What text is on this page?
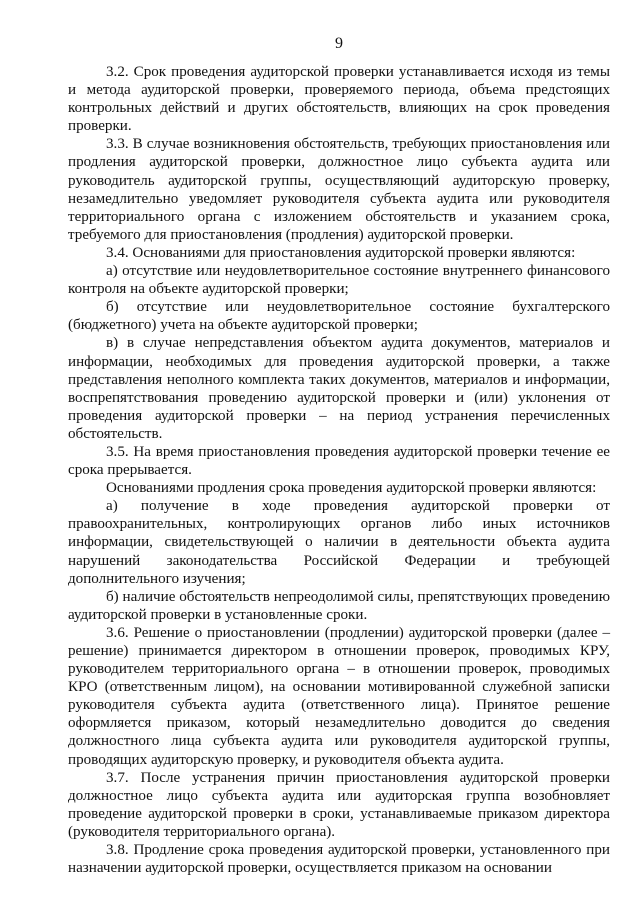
9

3.2. Срок проведения аудиторской проверки устанавливается исходя из темы и метода аудиторской проверки, проверяемого периода, объема предстоящих контрольных действий и других обстоятельств, влияющих на срок проведения проверки.

3.3. В случае возникновения обстоятельств, требующих приостановления или продления аудиторской проверки, должностное лицо субъекта аудита или руководитель аудиторской группы, осуществляющий аудиторскую проверку, незамедлительно уведомляет руководителя субъекта аудита или руководителя территориального органа с изложением обстоятельств и указанием срока, требуемого для приостановления (продления) аудиторской проверки.

3.4. Основаниями для приостановления аудиторской проверки являются:

а) отсутствие или неудовлетворительное состояние внутреннего финансового контроля на объекте аудиторской проверки;

б) отсутствие или неудовлетворительное состояние бухгалтерского (бюджетного) учета на объекте аудиторской проверки;

в) в случае непредставления объектом аудита документов, материалов и информации, необходимых для проведения аудиторской проверки, а также представления неполного комплекта таких документов, материалов и информации, воспрепятствования проведению аудиторской проверки и (или) уклонения от проведения аудиторской проверки – на период устранения перечисленных обстоятельств.

3.5. На время приостановления проведения аудиторской проверки течение ее срока прерывается.

Основаниями продления срока проведения аудиторской проверки являются:

а) получение в ходе проведения аудиторской проверки от правоохранительных, контролирующих органов либо иных источников информации, свидетельствующей о наличии в деятельности объекта аудита нарушений законодательства Российской Федерации и требующей дополнительного изучения;

б) наличие обстоятельств непреодолимой силы, препятствующих проведению аудиторской проверки в установленные сроки.

3.6. Решение о приостановлении (продлении) аудиторской проверки (далее – решение) принимается директором в отношении проверок, проводимых КРУ, руководителем территориального органа – в отношении проверок, проводимых КРО (ответственным лицом), на основании мотивированной служебной записки руководителя субъекта аудита (ответственного лица). Принятое решение оформляется приказом, который незамедлительно доводится до сведения должностного лица субъекта аудита или руководителя аудиторской группы, проводящих аудиторскую проверку, и руководителя объекта аудита.

3.7. После устранения причин приостановления аудиторской проверки должностное лицо субъекта аудита или аудиторская группа возобновляет проведение аудиторской проверки в сроки, устанавливаемые приказом директора (руководителя территориального органа).

3.8. Продление срока проведения аудиторской проверки, установленного при назначении аудиторской проверки, осуществляется приказом на основании
